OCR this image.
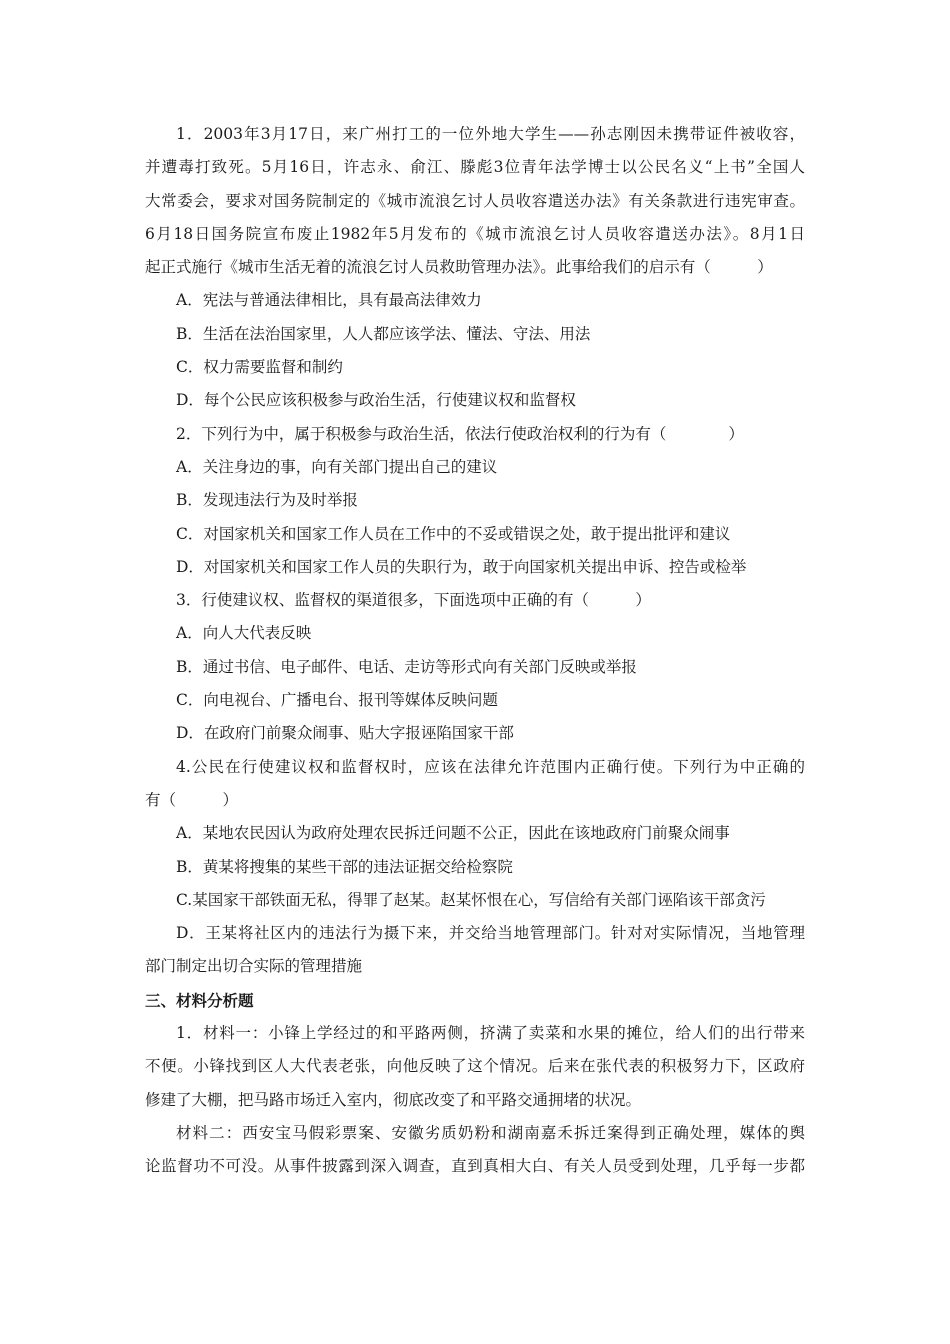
1．2003年3月17日，来广州打工的一位外地大学生——孙志刚因未携带证件被收容，
并遭毒打致死。5月16日，许志永、俞江、滕彪3位青年法学博士以公民名义“上书”全国人
大常委会，要求对国务院制定的《城市流浪乞讨人员收容遣送办法》有关条款进行违宪审查。
6月18日国务院宣布废止1982年5月发布的《城市流浪乞讨人员收容遣送办法》。8月1日
起正式施行《城市生活无着的流浪乞讨人员救助管理办法》。此事给我们的启示有（　　　）
A．宪法与普通法律相比，具有最高法律效力
B．生活在法治国家里，人人都应该学法、懂法、守法、用法
C．权力需要监督和制约
D．每个公民应该积极参与政治生活，行使建议权和监督权
2．下列行为中，属于积极参与政治生活，依法行使政治权利的行为有（　　　　）
A．关注身边的事，向有关部门提出自己的建议
B．发现违法行为及时举报
C．对国家机关和国家工作人员在工作中的不妥或错误之处，敢于提出批评和建议
D．对国家机关和国家工作人员的失职行为，敢于向国家机关提出申诉、控告或检举
3．行使建议权、监督权的渠道很多，下面选项中正确的有（　　　）
A．向人大代表反映
B．通过书信、电子邮件、电话、走访等形式向有关部门反映或举报
C．向电视台、广播电台、报刊等媒体反映问题
D．在政府门前聚众闹事、贴大字报诬陷国家干部
4.公民在行使建议权和监督权时，应该在法律允许范围内正确行使。下列行为中正确的
有（　　　）
A．某地农民因认为政府处理农民拆迁问题不公正，因此在该地政府门前聚众闹事
B．黄某将搜集的某些干部的违法证据交给检察院
C.某国家干部铁面无私，得罪了赵某。赵某怀恨在心，写信给有关部门诬陷该干部贪污
D．王某将社区内的违法行为摄下来，并交给当地管理部门。针对对实际情况，当地管理
部门制定出切合实际的管理措施
三、材料分析题
1．材料一：小锋上学经过的和平路两侧，挤满了卖菜和水果的摊位，给人们的出行带来
不便。小锋找到区人大代表老张，向他反映了这个情况。后来在张代表的积极努力下，区政府
修建了大棚，把马路市场迁入室内，彻底改变了和平路交通拥堵的状况。
材料二：西安宝马假彩票案、安徽劣质奶粉和湖南嘉禾拆迁案得到正确处理，媒体的舆
论监督功不可没。从事件披露到深入调查，直到真相大白、有关人员受到处理，几乎每一步都
